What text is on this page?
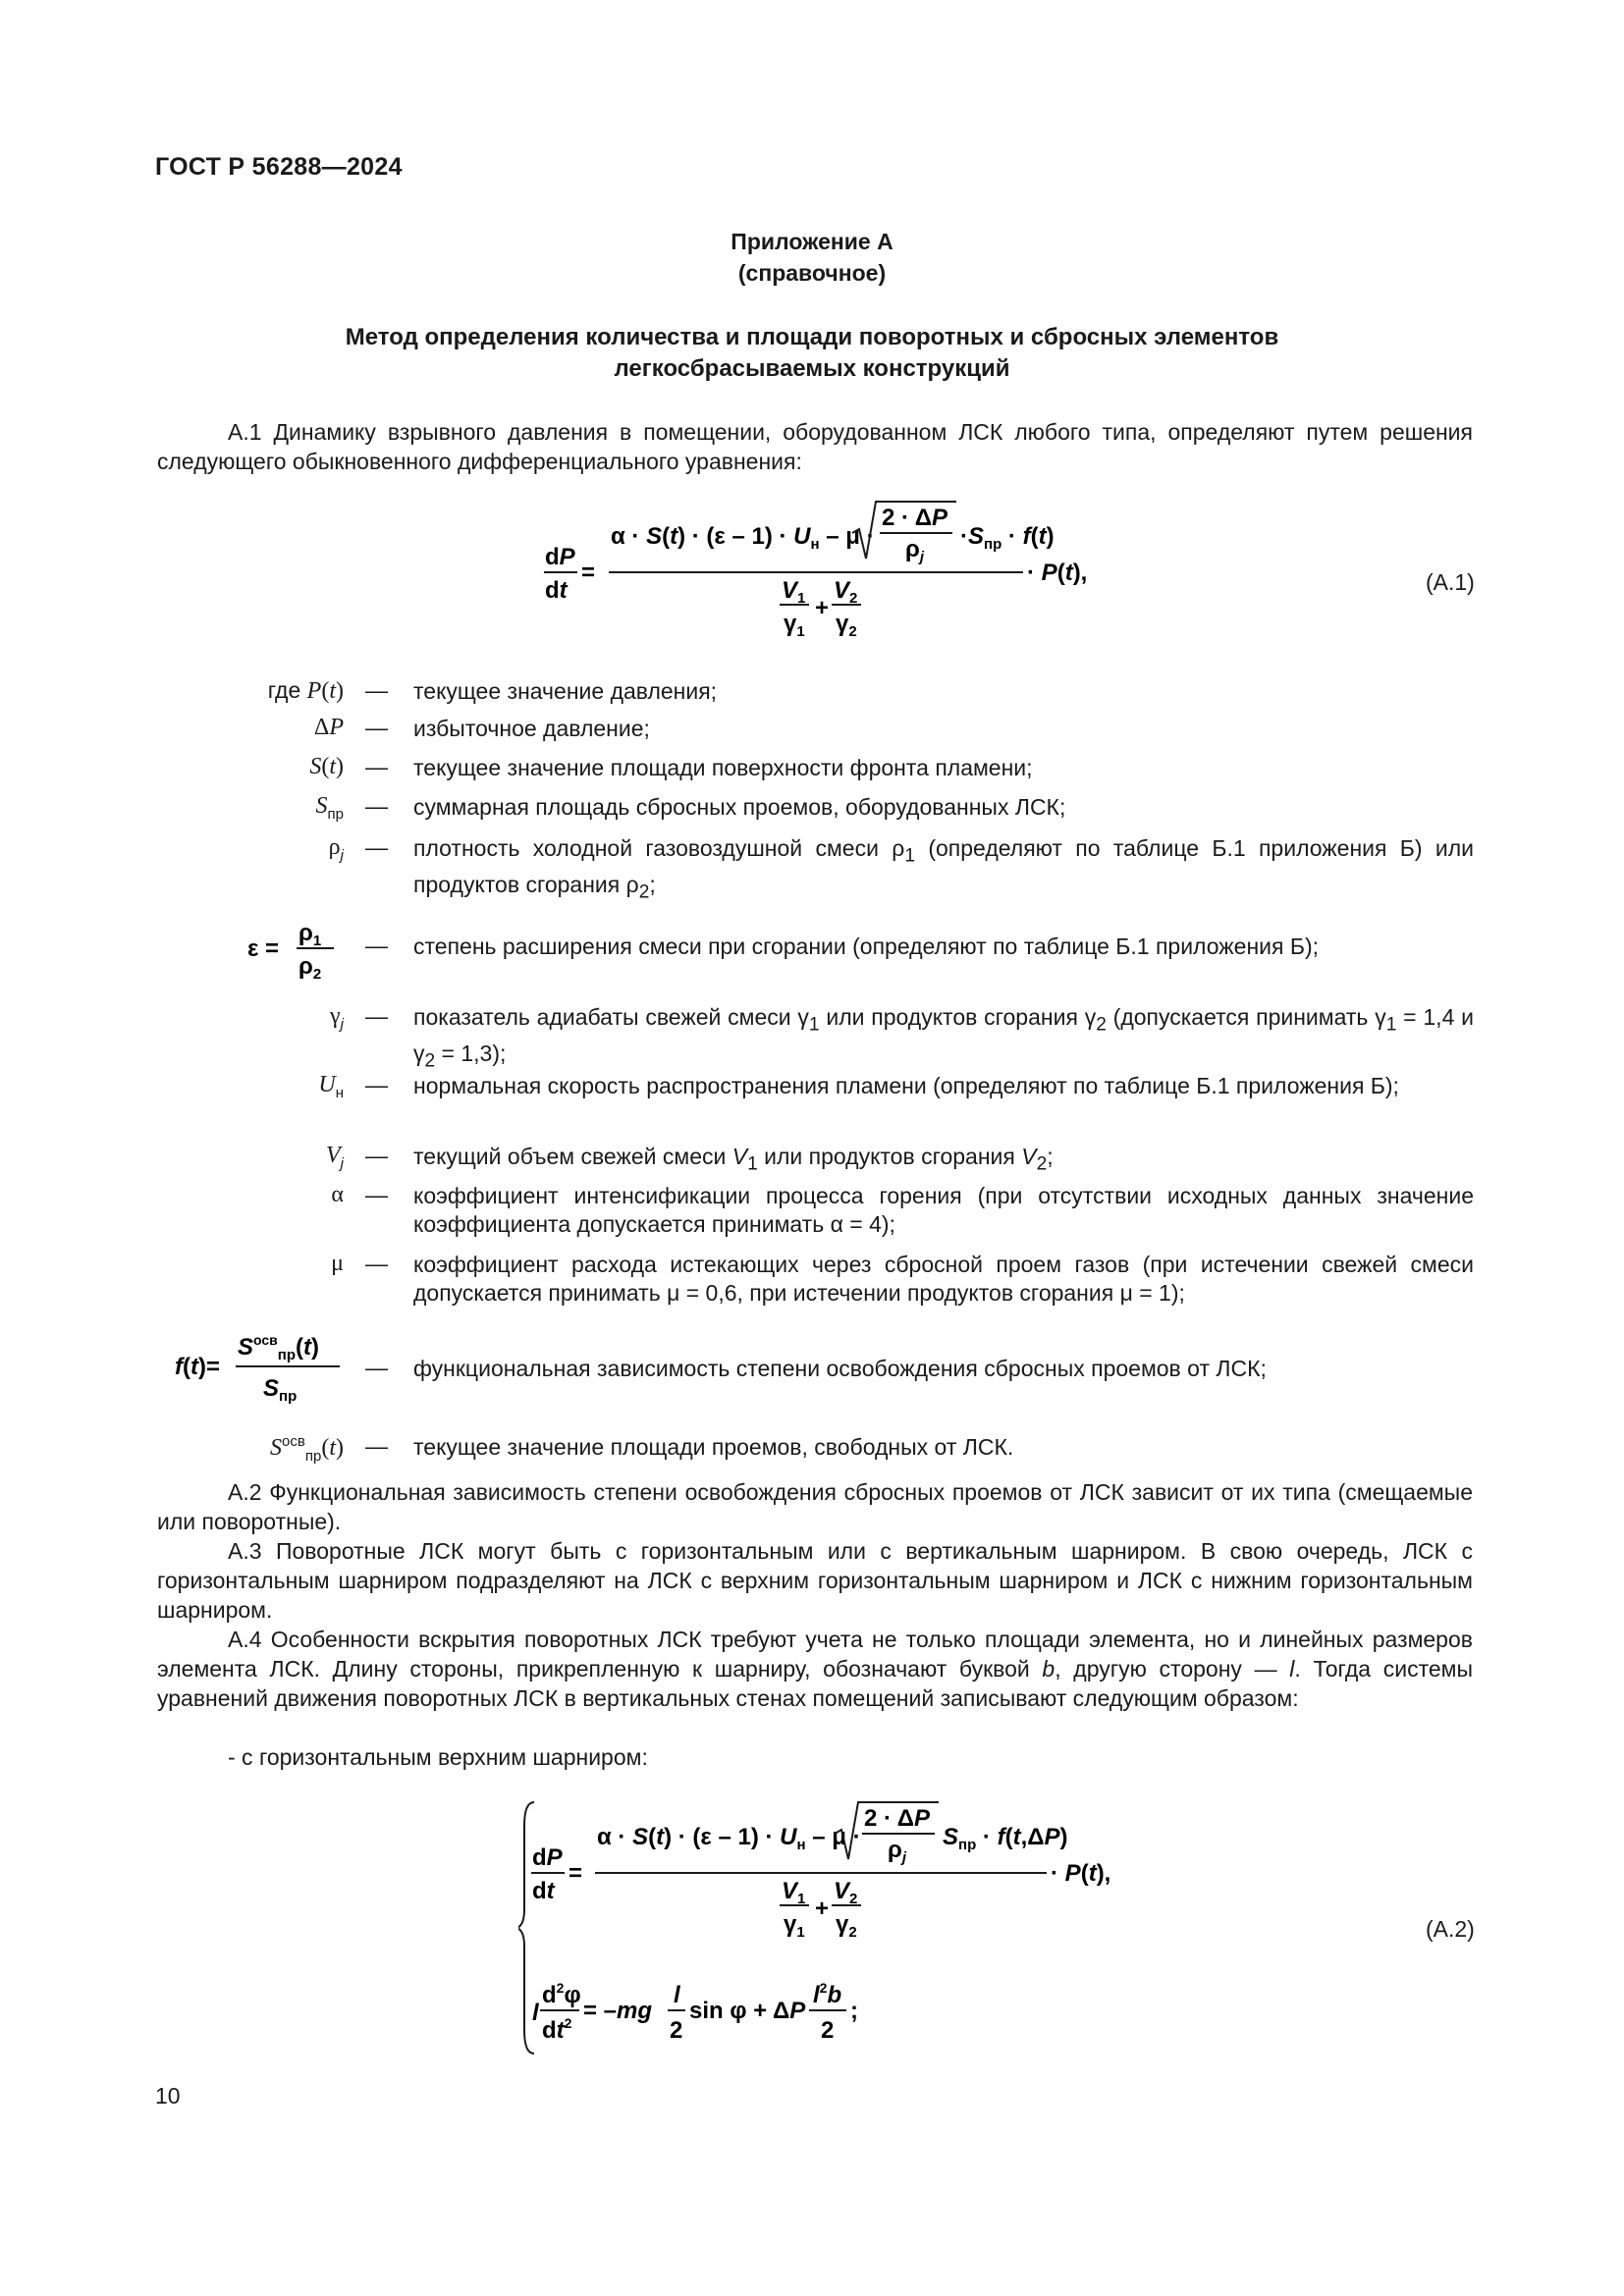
ГОСТ Р 56288—2024
Приложение А
(справочное)
Метод определения количества и площади поворотных и сбросных элементов
легкосбрасываемых конструкций
А.1 Динамику взрывного давления в помещении, оборудованном ЛСК любого типа, определяют путем решения следующего обыкновенного дифференциального уравнения:
dP
dt
=
$\alpha \cdot S(t) \cdot (\varepsilon - 1) \cdot U_н - \mu$ ·
2 · ΔP
$\rho_j$
$\cdot S_{пр} \cdot f(t)$
$V_1$
$\gamma_1$
+
$V_2$
$\gamma_2$
· P(t),	(А.1)
где P(t) — текущее значение давления;
ΔP — избыточное давление;
S(t) — текущее значение площади поверхности фронта пламени;
$S_{пр}$ — суммарная площадь сбросных проемов, оборудованных ЛСК;
$\rho_j$ — плотность холодной газовоздушной смеси $\rho_1$ (определяют по таблице Б.1 приложения Б) или продуктов сгорания $\rho_2$;
ε =
$\rho_1$
$\rho_2$
— степень расширения смеси при сгорании (определяют по таблице Б.1 приложения Б);
$\gamma_j$ — показатель адиабаты свежей смеси $\gamma_1$ или продуктов сгорания $\gamma_2$ (допускается принимать $\gamma_1 = 1,4$ и $\gamma_2 = 1,3$);
$U_н$ — нормальная скорость распространения пламени (определяют по таблице Б.1 приложения Б);
$V_j$ — текущий объем свежей смеси $V_1$ или продуктов сгорания $V_2$;
α — коэффициент интенсификации процесса горения (при отсутствии исходных данных значение коэффициента допускается принимать α = 4);
μ — коэффициент расхода истекающих через сбросной проем газов (при истечении свежей смеси допускается принимать μ = 0,6, при истечении продуктов сгорания μ = 1);
f(t)=
$S^{осв}_{пр}(t)$
$S_{пр}$
— функциональная зависимость степени освобождения сбросных проемов от ЛСК;
$S^{осв}_{пр}(t)$ — текущее значение площади проемов, свободных от ЛСК.
А.2 Функциональная зависимость степени освобождения сбросных проемов от ЛСК зависит от их типа (смещаемые или поворотные).
А.3 Поворотные ЛСК могут быть с горизонтальным или с вертикальным шарниром. В свою очередь, ЛСК с горизонтальным шарниром подразделяют на ЛСК с верхним горизонтальным шарниром и ЛСК с нижним горизонтальным шарниром.
А.4 Особенности вскрытия поворотных ЛСК требуют учета не только площади элемента, но и линейных размеров элемента ЛСК. Длину стороны, прикрепленную к шарниру, обозначают буквой b, другую сторону — l. Тогда системы уравнений движения поворотных ЛСК в вертикальных стенах помещений записывают следующим образом:
- с горизонтальным верхним шарниром:
dP
dt
=
$\alpha \cdot S(t) \cdot (\varepsilon - 1) \cdot U_н - \mu$ ·
2 · ΔP
$\rho_j$
$S_{пр} \cdot f(t,\Delta P)$
$V_1$
$\gamma_1$
+
$V_2$
$\gamma_2$
· P(t),
l
$d^2\varphi$
$dt^2 = -mg$
l
2
sin φ + ΔP
$l^2b$
2
;
(А.2)
10
